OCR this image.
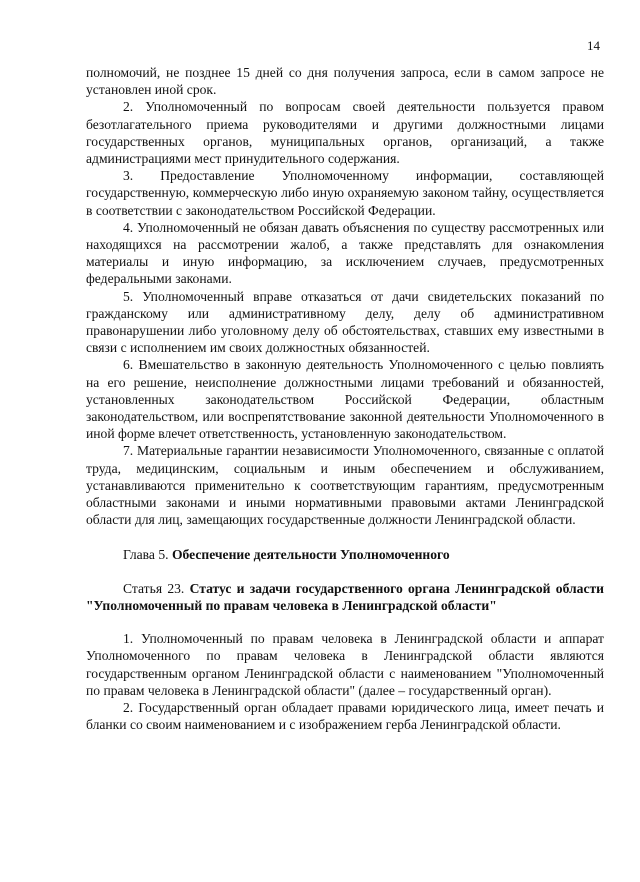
14

полномочий, не позднее 15 дней со дня получения запроса, если в самом запросе не установлен иной срок.

2. Уполномоченный по вопросам своей деятельности пользуется правом безотлагательного приема руководителями и другими должностными лицами государственных органов, муниципальных органов, организаций, а также администрациями мест принудительного содержания.

3. Предоставление Уполномоченному информации, составляющей государственную, коммерческую либо иную охраняемую законом тайну, осуществляется в соответствии с законодательством Российской Федерации.

4. Уполномоченный не обязан давать объяснения по существу рассмотренных или находящихся на рассмотрении жалоб, а также представлять для ознакомления материалы и иную информацию, за исключением случаев, предусмотренных федеральными законами.

5. Уполномоченный вправе отказаться от дачи свидетельских показаний по гражданскому или административному делу, делу об административном правонарушении либо уголовному делу об обстоятельствах, ставших ему известными в связи с исполнением им своих должностных обязанностей.

6. Вмешательство в законную деятельность Уполномоченного с целью повлиять на его решение, неисполнение должностными лицами требований и обязанностей, установленных законодательством Российской Федерации, областным законодательством, или воспрепятствование законной деятельности Уполномоченного в иной форме влечет ответственность, установленную законодательством.

7. Материальные гарантии независимости Уполномоченного, связанные с оплатой труда, медицинским, социальным и иным обеспечением и обслуживанием, устанавливаются применительно к соответствующим гарантиям, предусмотренным областными законами и иными нормативными правовыми актами Ленинградской области для лиц, замещающих государственные должности Ленинградской области.

Глава 5. Обеспечение деятельности Уполномоченного

Статья 23. Статус и задачи государственного органа Ленинградской области "Уполномоченный по правам человека в Ленинградской области"

1. Уполномоченный по правам человека в Ленинградской области и аппарат Уполномоченного по правам человека в Ленинградской области являются государственным органом Ленинградской области с наименованием "Уполномоченный по правам человека в Ленинградской области" (далее – государственный орган).

2. Государственный орган обладает правами юридического лица, имеет печать и бланки со своим наименованием и с изображением герба Ленинградской области.
